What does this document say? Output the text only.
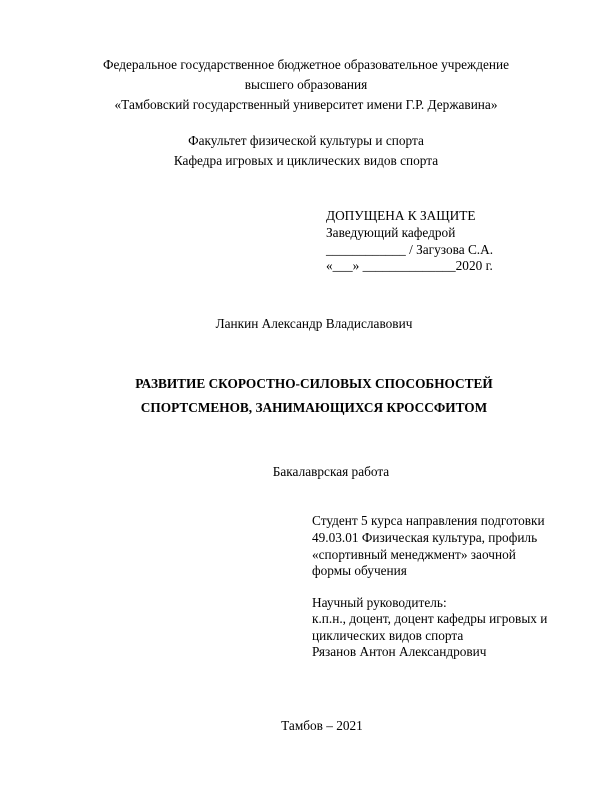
Федеральное государственное бюджетное образовательное учреждение
высшего образования
«Тамбовский государственный университет имени Г.Р. Державина»
Факультет физической культуры и спорта
Кафедра игровых и циклических видов спорта
ДОПУЩЕНА К ЗАЩИТЕ
Заведующий кафедрой
____________ / Загузова С.А.
«___» ______________2020 г.
Ланкин Александр Владиславович
РАЗВИТИЕ СКОРОСТНО-СИЛОВЫХ СПОСОБНОСТЕЙ
СПОРТСМЕНОВ, ЗАНИМАЮЩИХСЯ КРОССФИТОМ
Бакалаврская работа
Студент 5 курса направления подготовки
49.03.01 Физическая культура, профиль
«спортивный менеджмент» заочной
формы обучения
Научный руководитель:
к.п.н., доцент, доцент кафедры игровых и
циклических видов спорта
Рязанов Антон Александрович
Тамбов – 2021
